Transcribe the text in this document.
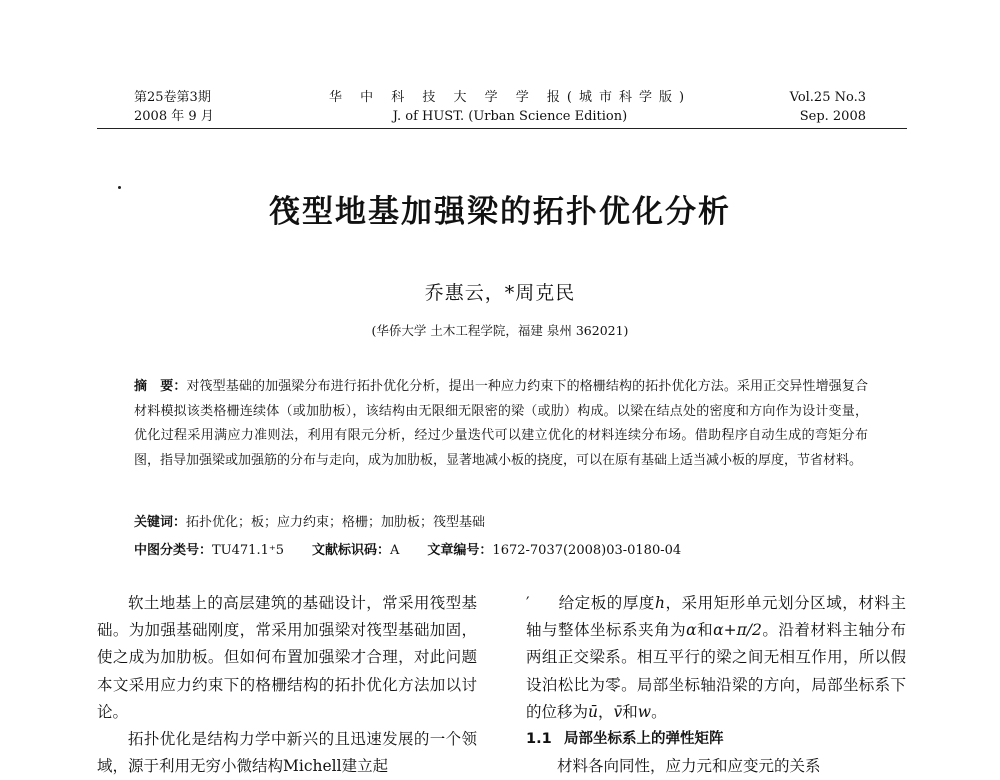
第25卷第3期
2008 年 9 月
华 中 科 技 大 学 学 报(城市科学版)
J. of HUST. (Urban Science Edition)
Vol.25 No.3
Sep. 2008
筏型地基加强梁的拓扑优化分析
乔惠云，*周克民
(华侨大学 土木工程学院，福建 泉州 362021)
摘　要：对筏型基础的加强梁分布进行拓扑优化分析，提出一种应力约束下的格栅结构的拓扑优化方法。采用正交异性增强复合材料模拟该类格栅连续体（或加肋板），该结构由无限细无限密的梁（或肋）构成。以梁在结点处的密度和方向作为设计变量，优化过程采用满应力准则法，利用有限元分析，经过少量迭代可以建立优化的材料连续分布场。借助程序自动生成的弯矩分布图，指导加强梁或加强筋的分布与走向，成为加肋板，显著地减小板的挠度，可以在原有基础上适当减小板的厚度，节省材料。
关键词：拓扑优化；板；应力约束；格栅；加肋板；筏型基础
中图分类号：TU471.1⁺5 文献标识码：A 文章编号：1672-7037(2008)03-0180-04

软土地基上的高层建筑的基础设计，常采用筏型基础。为加强基础刚度，常采用加强梁对筏型基础加固，使之成为加肋板。但如何布置加强梁才合理，对此问题本文采用应力约束下的格栅结构的拓扑优化方法加以讨论。

拓扑优化是结构力学中新兴的且迅速发展的一个领域，源于利用无穷小微结构Michell建立起

′ 给定板的厚度h，采用矩形单元划分区域，材料主轴与整体坐标系夹角为α和α+π/2。沿着材料主轴分布两组正交梁系。相互平行的梁之间无相互作用，所以假设泊松比为零。局部坐标轴沿梁的方向，局部坐标系下的位移为ū，v̄和w。

1.1 局部坐标系上的弹性矩阵

材料各向同性，应力元和应变元的关系
